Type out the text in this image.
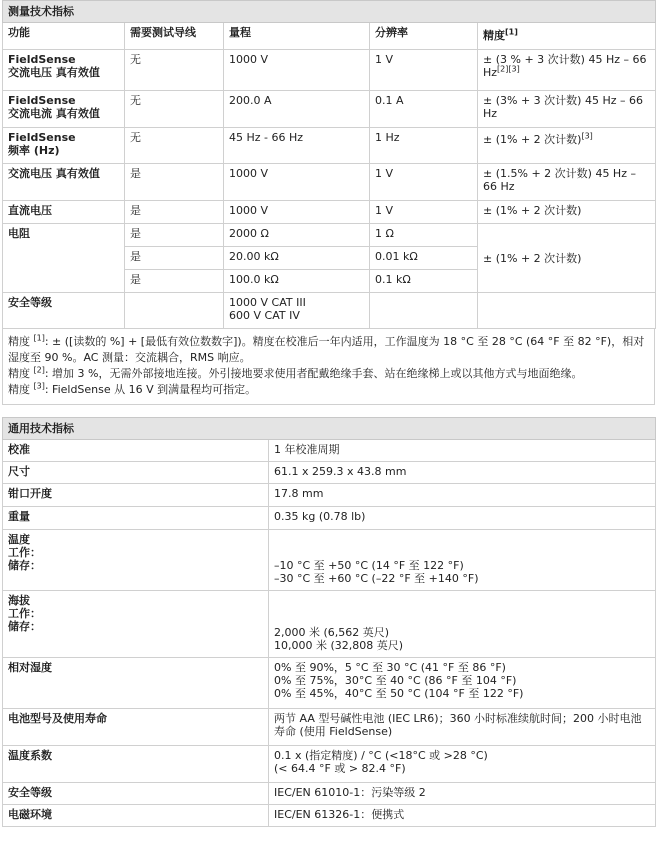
测量技术指标				
功能	需要测试导线	量程	分辨率	精度[1]
FieldSense
交流电压 真有效值	无	1000 V	1 V	± (3 % + 3 次计数) 45 Hz – 66 Hz[2][3]
FieldSense
交流电流 真有效值	无	200.0 A	0.1 A	± (3% + 3 次计数) 45 Hz – 66 Hz
FieldSense
频率 (Hz)	无	45 Hz - 66 Hz	1 Hz	± (1% + 2 次计数)[3]
交流电压 真有效值	是	1000 V	1 V	± (1.5% + 2 次计数) 45 Hz – 66 Hz
直流电压	是	1000 V	1 V	± (1% + 2 次计数)
电阻	是	2000 Ω	1 Ω	± (1% + 2 次计数)
	是	20.00 kΩ	0.01 kΩ	
	是	100.0 kΩ	0.1 kΩ	
安全等级		1000 V CAT III
600 V CAT IV		
精度 [1]: ± ([读数的 %] + [最低有效位数数字])。精度在校准后一年内适用，工作温度为 18 °C 至 28 °C (64 °F 至 82 °F)，相对湿度至 90 %。AC 测量：交流耦合，RMS 响应。
精度 [2]: 增加 3 %，无需外部接地连接。外引接地要求使用者配戴绝缘手套、站在绝缘梯上或以其他方式与地面绝缘。
精度 [3]: FieldSense 从 16 V 到满量程均可指定。
通用技术指标	
校准	1 年校准周期
尺寸	61.1 x 259.3 x 43.8 mm
钳口开度	17.8 mm
重量	0.35 kg (0.78 lb)
温度
工作：
储存：	–10 °C 至 +50 °C (14 °F 至 122 °F)
–30 °C 至 +60 °C (–22 °F 至 +140 °F)
海拔
工作：
储存：	2,000 米 (6,562 英尺)
10,000 米 (32,808 英尺)
相对湿度	0% 至 90%，5 °C 至 30 °C (41 °F 至 86 °F)
0% 至 75%，30°C 至 40 °C (86 °F 至 104 °F)
0% 至 45%，40°C 至 50 °C (104 °F 至 122 °F)
电池型号及使用寿命	两节 AA 型号碱性电池 (IEC LR6)；360 小时标准续航时间；200 小时电池寿命 (使用 FieldSense)
温度系数	0.1 x (指定精度) / °C (<18°C 或 >28 °C)
(< 64.4 °F 或 > 82.4 °F)
安全等级	IEC/EN 61010-1：污染等级 2
电磁环境	IEC/EN 61326-1：便携式
